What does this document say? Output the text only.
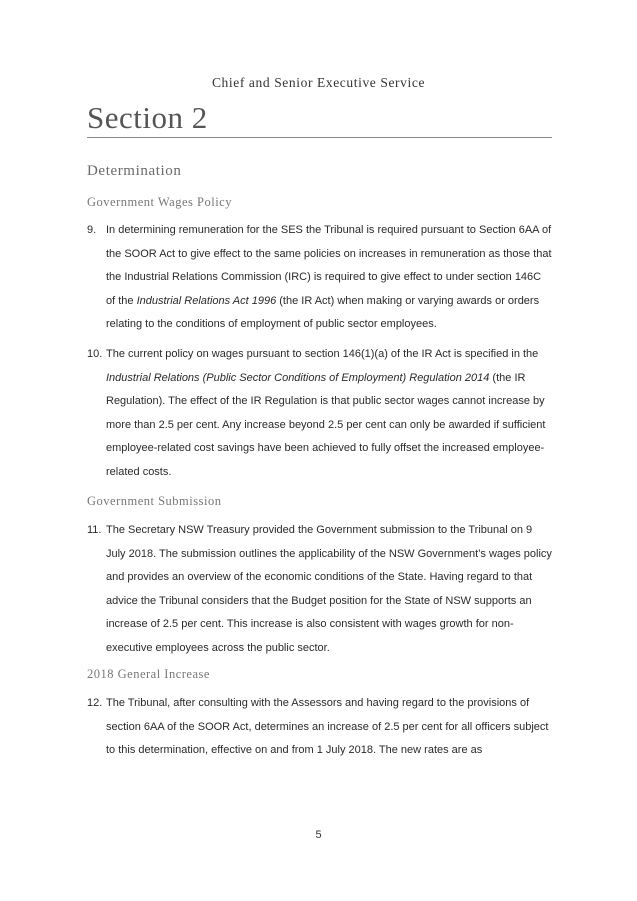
Chief and Senior Executive Service
Section 2
Determination
Government Wages Policy
9. In determining remuneration for the SES the Tribunal is required pursuant to Section 6AA of the SOOR Act to give effect to the same policies on increases in remuneration as those that the Industrial Relations Commission (IRC) is required to give effect to under section 146C of the Industrial Relations Act 1996 (the IR Act) when making or varying awards or orders relating to the conditions of employment of public sector employees.
10. The current policy on wages pursuant to section 146(1)(a) of the IR Act is specified in the Industrial Relations (Public Sector Conditions of Employment) Regulation 2014 (the IR Regulation). The effect of the IR Regulation is that public sector wages cannot increase by more than 2.5 per cent. Any increase beyond 2.5 per cent can only be awarded if sufficient employee-related cost savings have been achieved to fully offset the increased employee-related costs.
Government Submission
11. The Secretary NSW Treasury provided the Government submission to the Tribunal on 9 July 2018. The submission outlines the applicability of the NSW Government’s wages policy and provides an overview of the economic conditions of the State. Having regard to that advice the Tribunal considers that the Budget position for the State of NSW supports an increase of 2.5 per cent. This increase is also consistent with wages growth for non-executive employees across the public sector.
2018 General Increase
12. The Tribunal, after consulting with the Assessors and having regard to the provisions of section 6AA of the SOOR Act, determines an increase of 2.5 per cent for all officers subject to this determination, effective on and from 1 July 2018. The new rates are as
5
